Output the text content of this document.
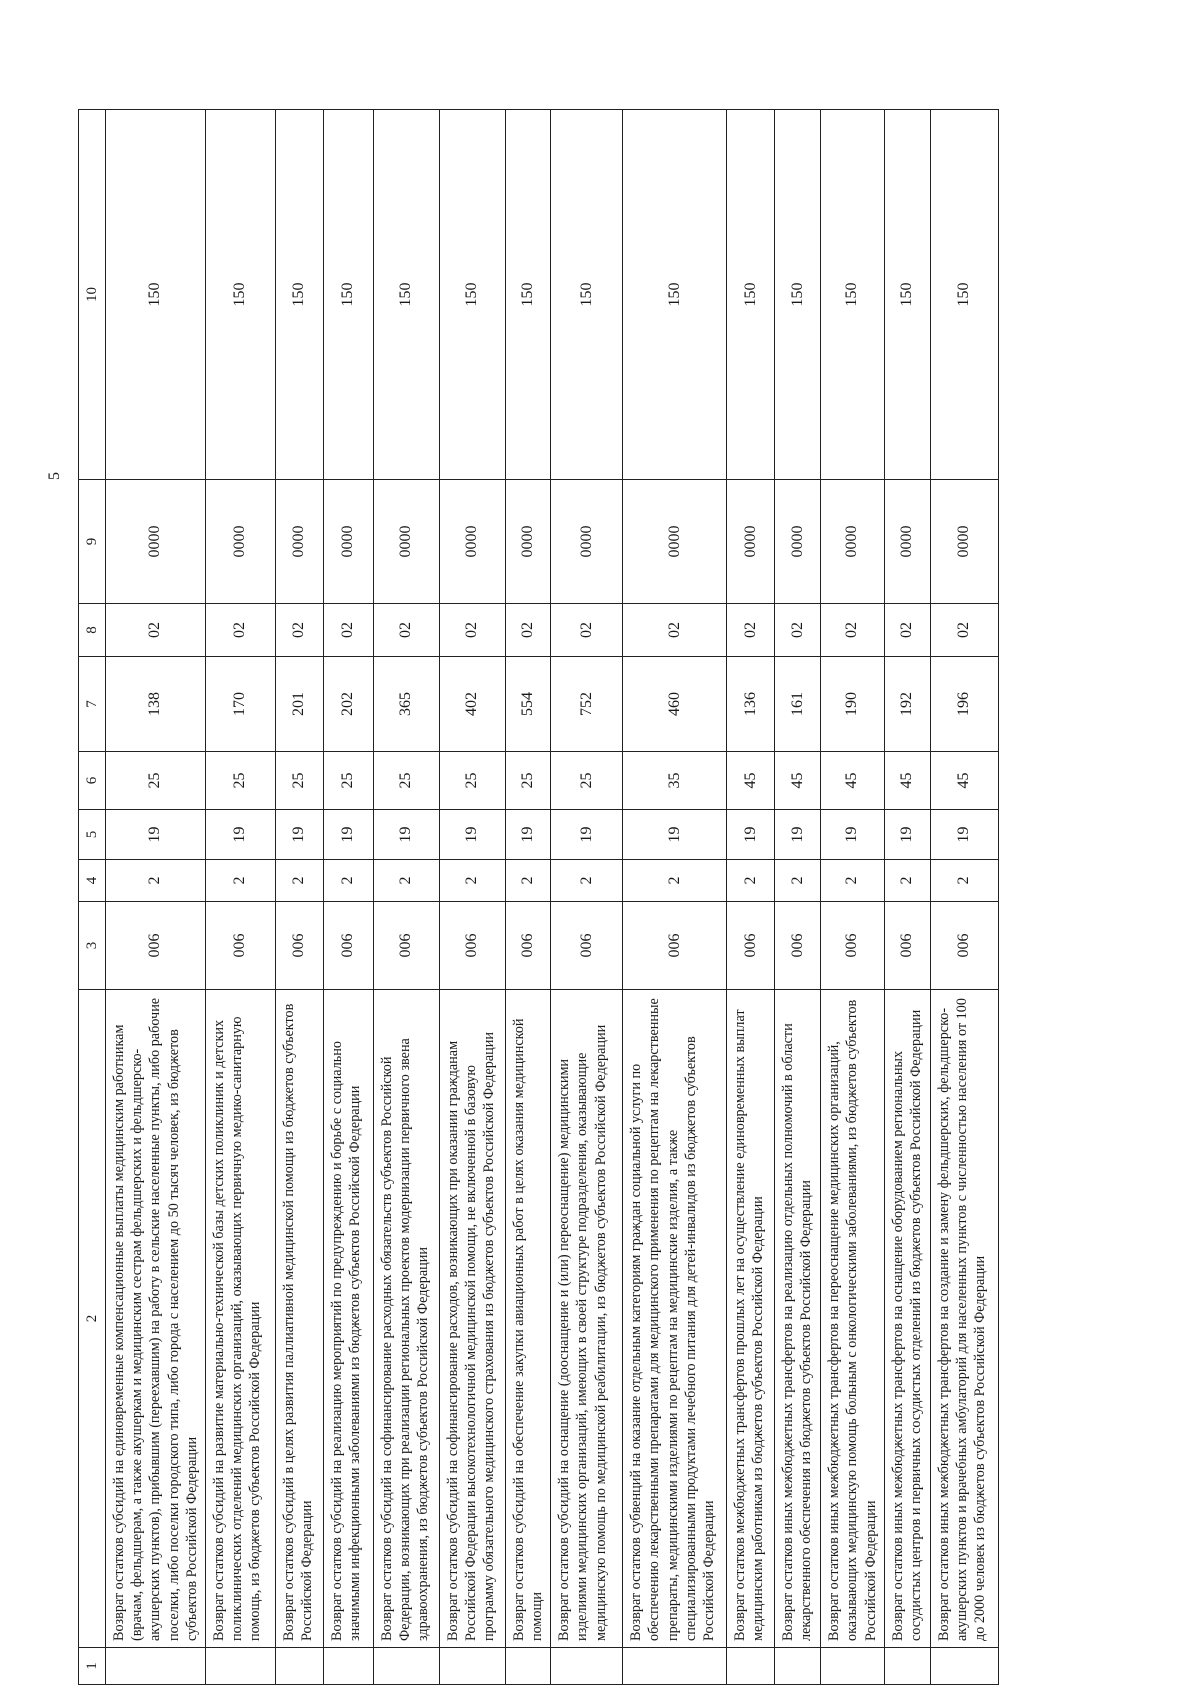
5
1	2	3	4	5	6	7	8	9	10
	Возврат остатков субсидий на единовременные компенсационные выплаты медицинским работникам (врачам, фельдшерам, а также акушеркам и медицинским сестрам фельдшерских и фельдшерско-акушерских пунктов), прибывшим (переехавшим) на работу в сельские населенные пункты, либо рабочие поселки, либо поселки городского типа, либо города с населением до 50 тысяч человек, из бюджетов субъектов Российской Федерации	006	2	19	25	138	02	0000	150
	Возврат остатков субсидий на развитие материально-технической базы детских поликлиник и детских поликлинических отделений медицинских организаций, оказывающих первичную медико-санитарную помощь, из бюджетов субъектов Российской Федерации	006	2	19	25	170	02	0000	150
	Возврат остатков субсидий в целях развития паллиативной медицинской помощи из бюджетов субъектов Российской Федерации	006	2	19	25	201	02	0000	150
	Возврат остатков субсидий на реализацию мероприятий по предупреждению и борьбе с социально значимыми инфекционными заболеваниями из бюджетов субъектов Российской Федерации	006	2	19	25	202	02	0000	150
	Возврат остатков субсидий на софинансирование расходных обязательств субъектов Российской Федерации, возникающих при реализации региональных проектов модернизации первичного звена здравоохранения, из бюджетов субъектов Российской Федерации	006	2	19	25	365	02	0000	150
	Возврат остатков субсидий на софинансирование расходов, возникающих при оказании гражданам Российской Федерации высокотехнологичной медицинской помощи, не включенной в базовую программу обязательного медицинского страхования из бюджетов субъектов Российской Федерации	006	2	19	25	402	02	0000	150
	Возврат остатков субсидий на обеспечение закупки авиационных работ в целях оказания медицинской помощи	006	2	19	25	554	02	0000	150
	Возврат остатков субсидий на оснащение (дооснащение и (или) переоснащение) медицинскими изделиями медицинских организаций, имеющих в своей структуре подразделения, оказывающие медицинскую помощь по медицинской реабилитации, из бюджетов субъектов Российской Федерации	006	2	19	25	752	02	0000	150
	Возврат остатков субвенций на оказание отдельным категориям граждан социальной услуги по обеспечению лекарственными препаратами для медицинского применения по рецептам на лекарственные препараты, медицинскими изделиями по рецептам на медицинские изделия, а также специализированными продуктами лечебного питания для детей-инвалидов из бюджетов субъектов Российской Федерации	006	2	19	35	460	02	0000	150
	Возврат остатков межбюджетных трансфертов прошлых лет на осуществление единовременных выплат медицинским работникам из бюджетов субъектов Российской Федерации	006	2	19	45	136	02	0000	150
	Возврат остатков иных межбюджетных трансфертов на реализацию отдельных полномочий в области лекарственного обеспечения из бюджетов субъектов Российской Федерации	006	2	19	45	161	02	0000	150
	Возврат остатков иных межбюджетных трансфертов на переоснащение медицинских организаций, оказывающих медицинскую помощь больным с онкологическими заболеваниями, из бюджетов субъектов Российской Федерации	006	2	19	45	190	02	0000	150
	Возврат остатков иных межбюджетных трансфертов на оснащение оборудованием региональных сосудистых центров и первичных сосудистых отделений из бюджетов субъектов Российской Федерации	006	2	19	45	192	02	0000	150
	Возврат остатков иных межбюджетных трансфертов на создание и замену фельдшерских, фельдшерско-акушерских пунктов и врачебных амбулаторий для населенных пунктов с численностью населения от 100 до 2000 человек из бюджетов субъектов Российской Федерации	006	2	19	45	196	02	0000	150
